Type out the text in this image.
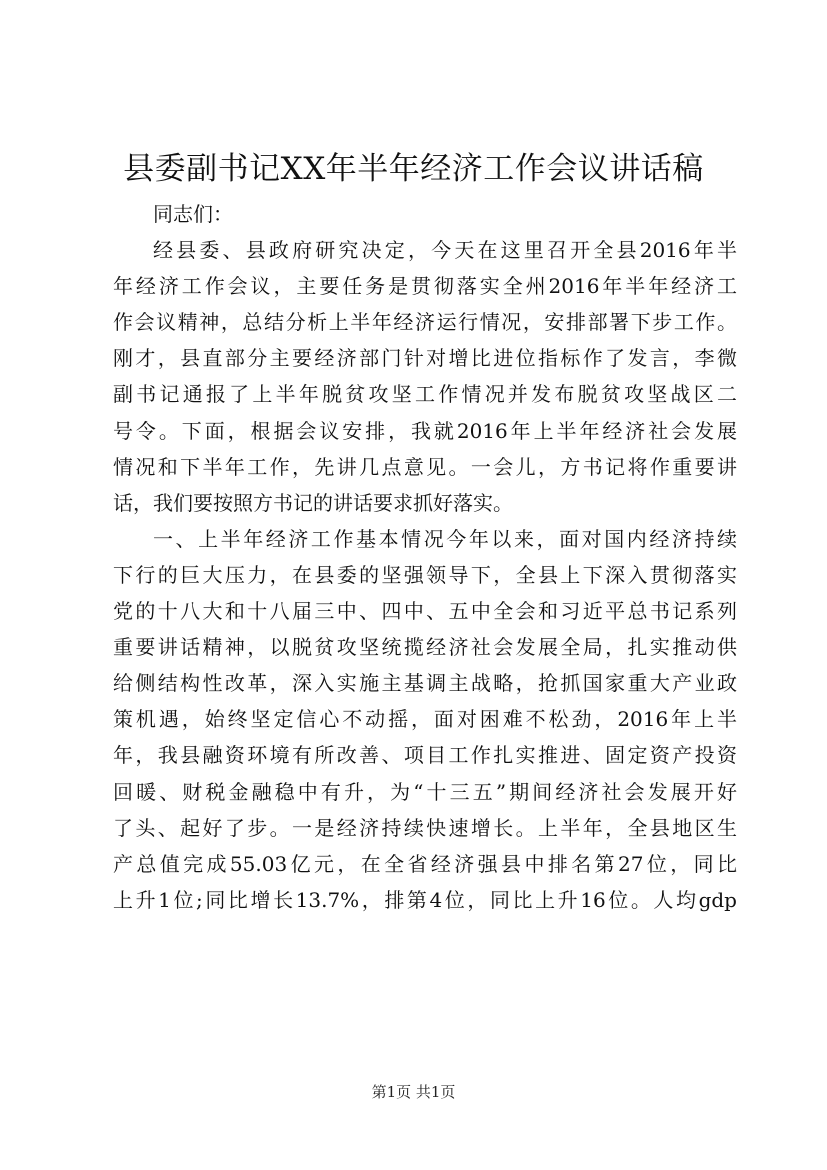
县委副书记XX年半年经济工作会议讲话稿
同志们：
经县委、县政府研究决定，今天在这里召开全县2016年半
年经济工作会议，主要任务是贯彻落实全州2016年半年经济工
作会议精神，总结分析上半年经济运行情况，安排部署下步工作。
刚才，县直部分主要经济部门针对增比进位指标作了发言，李微
副书记通报了上半年脱贫攻坚工作情况并发布脱贫攻坚战区二
号令。下面，根据会议安排，我就2016年上半年经济社会发展
情况和下半年工作，先讲几点意见。一会儿，方书记将作重要讲
话，我们要按照方书记的讲话要求抓好落实。
一、上半年经济工作基本情况今年以来，面对国内经济持续
下行的巨大压力，在县委的坚强领导下，全县上下深入贯彻落实
党的十八大和十八届三中、四中、五中全会和习近平总书记系列
重要讲话精神，以脱贫攻坚统揽经济社会发展全局，扎实推动供
给侧结构性改革，深入实施主基调主战略，抢抓国家重大产业政
策机遇，始终坚定信心不动摇，面对困难不松劲，2016年上半
年，我县融资环境有所改善、项目工作扎实推进、固定资产投资
回暖、财税金融稳中有升，为“十三五”期间经济社会发展开好
了头、起好了步。一是经济持续快速增长。上半年，全县地区生
产总值完成55.03亿元，在全省经济强县中排名第27位，同比
上升1位;同比增长13.7%，排第4位，同比上升16位。人均gdp
第1页 共1页
